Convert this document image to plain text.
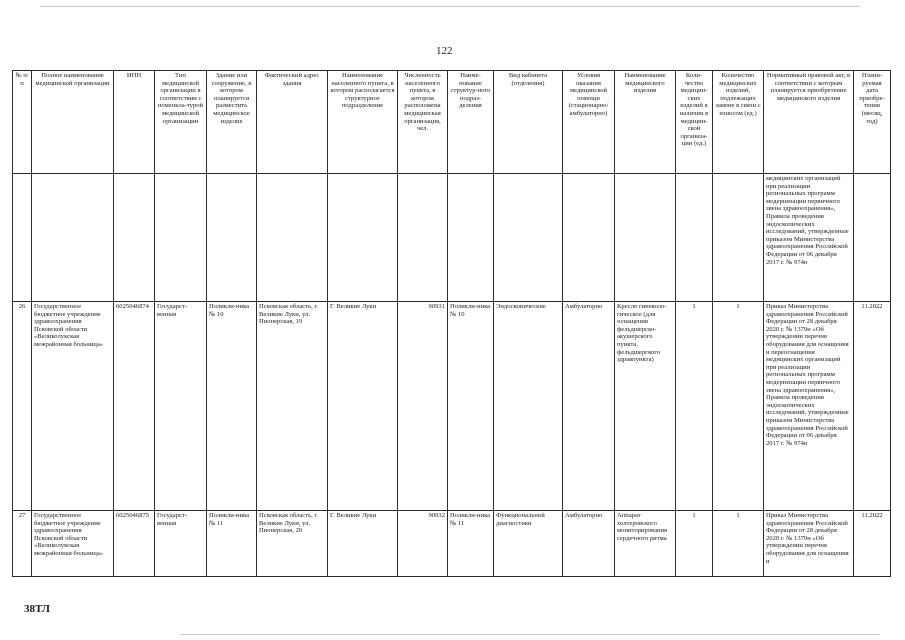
122
№ п/п	Полное наименование медицинской организации	ИНН	Тип медицинской организации в соответствии с номенкла-турой медицинской организации	Здание или сооружение, в котором планируется разместить медицинское изделие	Фактический адрес здания	Наименование населенного пункта, в котором располагается структурное подразделение	Численность населенного пункта, в котором расположена медицинская организация, чел.	Наиме-нование структур-ного подраз-деления	Вид кабинета (отделения)	Условия оказания медицинской помощи (стационарно/ амбулаторно)	Наименование медицинского изделия	Коли-чество медицин-ских изделий в наличии в медицин-ской организа-ции (ед.)	Количество медицинских изделий, подлежащих замене в связи с износом (ед.)	Нормативный правовой акт, в соответствии с которым планируется приобретение медицинского изделия	Плани-руемая дата приобре-тения (месяц, год)
														медицинских организаций при реализации региональных программ модернизации первичного звена здравоохранения», Правила проведения эндоскопических исследований, утвержденные приказом Министерства здравоохранения Российской Федерации от 06 декабря 2017 г. № 974н	
26	Государственное бюджетное учреждение здравоохранения Псковской области «Великолукская межрайонная больница»	6025046874	Государст-венная	Поликли-ника № 10	Псковская область, г. Великие Луки, ул. Пионерская, 19	Г. Великие Луки	90931	Поликли-ника № 10	Эндоскопические	Амбулаторно	Кресло гинеколо-гическое (для оснащения фельдшерско-акушерского пункта, фельдшерского здравпункта)	1	1	Приказ Министерства здравоохранения Российской Федерации от 28 декабря 2020 г. № 1379н «Об утверждении перечня оборудования для оснащения и переоснащения медицинских организаций при реализации региональных программ модернизации первичного звена здравоохранения», Правила проведения эндоскопических исследований, утвержденные приказом Министерства здравоохранения Российской Федерации от 06 декабря 2017 г. № 974н	11.2022
27	Государственное бюджетное учреждение здравоохранения Псковской области «Великолукская межрайонная больница»	6025046875	Государст-венная	Поликли-ника № 11	Псковская область, г. Великие Луки, ул. Пионерская, 20	Г. Великие Луки	90932	Поликли-ника № 11	Функциональной диагностики	Амбулаторно	Аппарат холтеровского мониторирования сердечного ритма	1	1	Приказ Министерства здравоохранения Российской Федерации от 28 декабря 2020 г. № 1379н «Об утверждении перечня оборудования для оснащения и	11.2022
38ТЛ
